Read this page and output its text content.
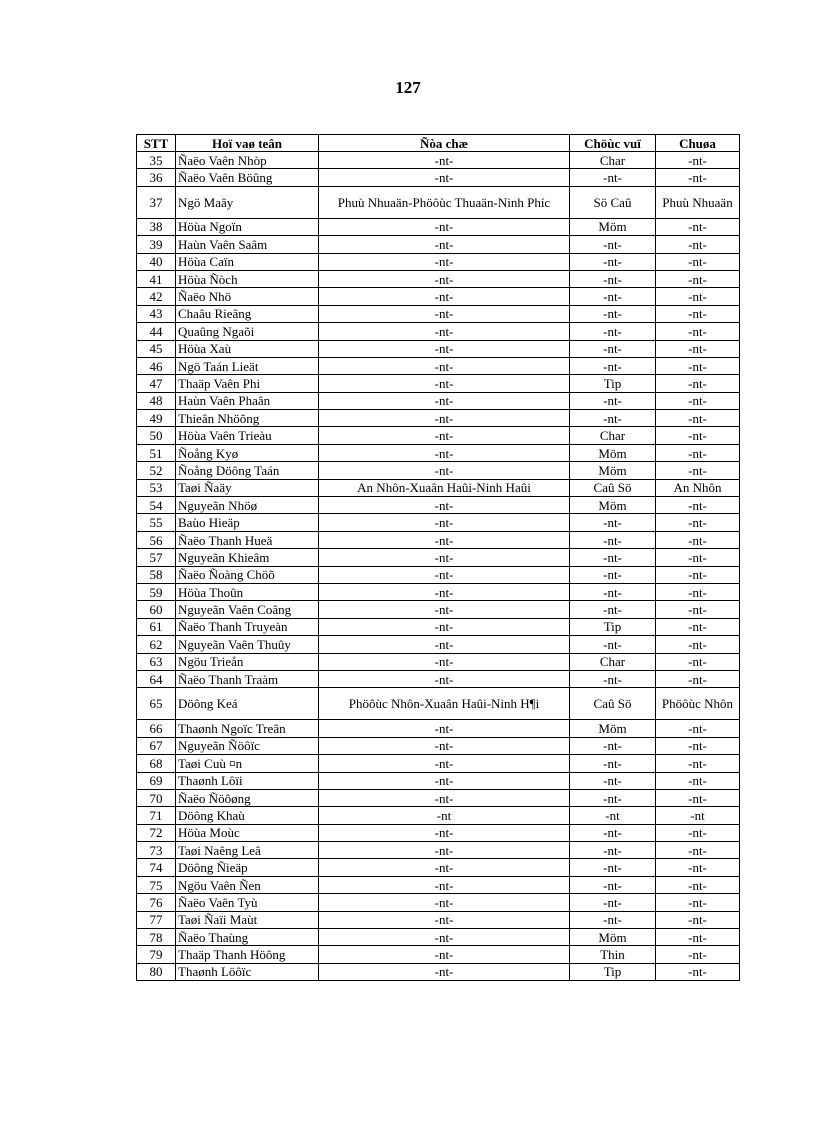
127
STT	Hoï vaø teân	Ñòa chæ	Chöùc vuï	Chuøa
35	Ñaëo Vaên Nhòp	-nt-	Char	-nt-
36	Ñaëo Vaên Böûng	-nt-	-nt-	-nt-
37	Ngö Maây	Phuù Nhuaän-Phöôùc Thuaän-Ninh Phíc	Sö Caû	Phuù Nhuaän
38	Höùa Ngoïn	-nt-	Möm	-nt-
39	Haùn Vaên Saâm	-nt-	-nt-	-nt-
40	Höùa Caïn	-nt-	-nt-	-nt-
41	Höùa Ñòch	-nt-	-nt-	-nt-
42	Ñaëo Nhö	-nt-	-nt-	-nt-
43	Chaâu Rieâng	-nt-	-nt-	-nt-
44	Quaûng Ngaõi	-nt-	-nt-	-nt-
45	Höùa Xaù	-nt-	-nt-	-nt-
46	Ngö Taán Lieät	-nt-	-nt-	-nt-
47	Thaäp Vaên Phi	-nt-	Tip	-nt-
48	Haùn Vaên Phaân	-nt-	-nt-	-nt-
49	Thieân Nhöõng	-nt-	-nt-	-nt-
50	Höùa Vaên Trieàu	-nt-	Char	-nt-
51	Ñoång Kyø	-nt-	Möm	-nt-
52	Ñoång Döông Taán	-nt-	Möm	-nt-
53	Taøi Ñaäy	An Nhôn-Xuaân Haûi-Ninh Haûi	Caû Sö	An Nhôn
54	Nguyeãn Nhöø	-nt-	Möm	-nt-
55	Baùo Hieäp	-nt-	-nt-	-nt-
56	Ñaëo Thanh Hueä	-nt-	-nt-	-nt-
57	Nguyeãn Khieâm	-nt-	-nt-	-nt-
58	Ñaëo Ñoàng Chöõ	-nt-	-nt-	-nt-
59	Höùa Thoûn	-nt-	-nt-	-nt-
60	Nguyeãn Vaên Coâng	-nt-	-nt-	-nt-
61	Ñaëo Thanh Truyeàn	-nt-	Tip	-nt-
62	Nguyeãn Vaên Thuûy	-nt-	-nt-	-nt-
63	Ngöu Trieån	-nt-	Char	-nt-
64	Ñaëo Thanh Traàm	-nt-	-nt-	-nt-
65	Döông Keá	Phöôùc Nhôn-Xuaân Haûi-Ninh H¶i	Caû Sö	Phöôùc Nhôn
66	Thaønh Ngoïc Treân	-nt-	Möm	-nt-
67	Nguyeãn Ñöôïc	-nt-	-nt-	-nt-
68	Taøi Cuù ¤n	-nt-	-nt-	-nt-
69	Thaønh Lôïi	-nt-	-nt-	-nt-
70	Ñaëo Ñöôøng	-nt-	-nt-	-nt-
71	Döông Khaù	-nt	-nt	-nt
72	Höùa Moùc	-nt-	-nt-	-nt-
73	Taøi Naêng Leâ	-nt-	-nt-	-nt-
74	Döông Ñieäp	-nt-	-nt-	-nt-
75	Ngöu Vaên Ñen	-nt-	-nt-	-nt-
76	Ñaëo Vaên Tyù	-nt-	-nt-	-nt-
77	Taøi Ñaïi Maùt	-nt-	-nt-	-nt-
78	Ñaëo Thaùng	-nt-	Möm	-nt-
79	Thaäp Thanh Höông	-nt-	Thin	-nt-
80	Thaønh Löôïc	-nt-	Tip	-nt-
